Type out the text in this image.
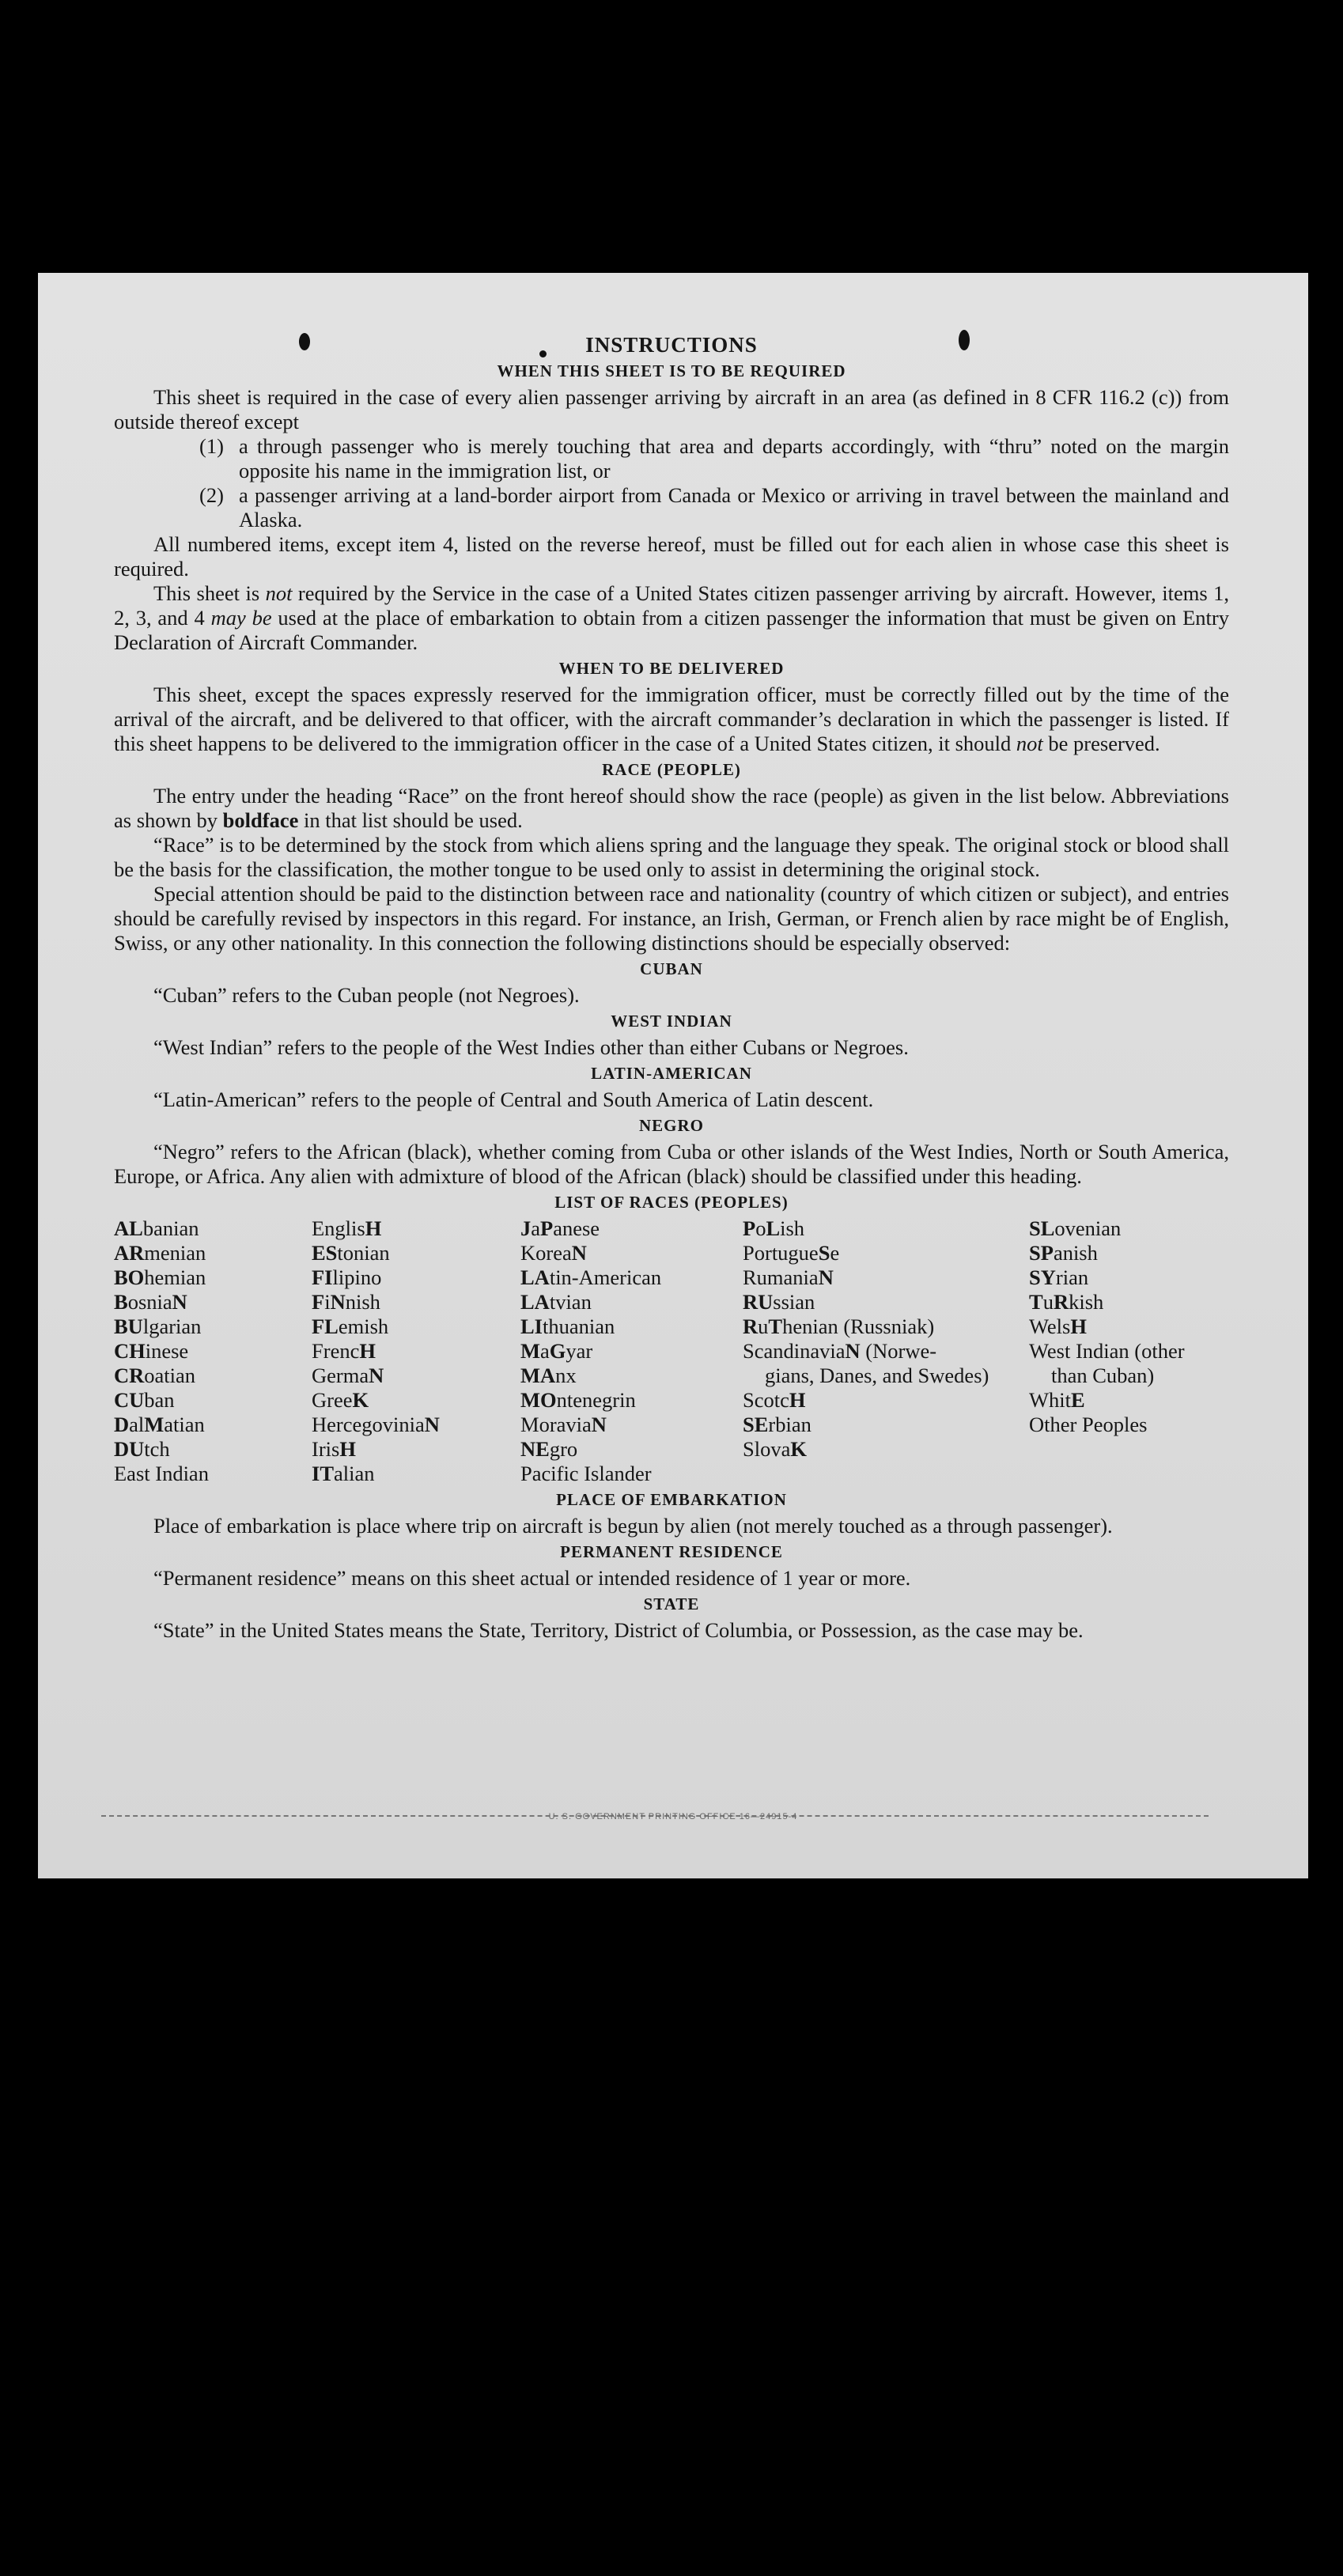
INSTRUCTIONS
WHEN THIS SHEET IS TO BE REQUIRED

This sheet is required in the case of every alien passenger arriving by aircraft in an area (as defined in 8 CFR 116.2 (c)) from outside thereof except

(1) a through passenger who is merely touching that area and departs accordingly, with “thru” noted on the margin opposite his name in the immigration list, or
(2) a passenger arriving at a land-border airport from Canada or Mexico or arriving in travel between the mainland and Alaska.

All numbered items, except item 4, listed on the reverse hereof, must be filled out for each alien in whose case this sheet is required.

This sheet is not required by the Service in the case of a United States citizen passenger arriving by aircraft. However, items 1, 2, 3, and 4 may be used at the place of embarkation to obtain from a citizen passenger the information that must be given on Entry Declaration of Aircraft Commander.

WHEN TO BE DELIVERED

This sheet, except the spaces expressly reserved for the immigration officer, must be correctly filled out by the time of the arrival of the aircraft, and be delivered to that officer, with the aircraft commander’s declaration in which the passenger is listed. If this sheet happens to be delivered to the immigration officer in the case of a United States citizen, it should not be preserved.

RACE (PEOPLE)

The entry under the heading “Race” on the front hereof should show the race (people) as given in the list below. Abbreviations as shown by boldface in that list should be used.

“Race” is to be determined by the stock from which aliens spring and the language they speak. The original stock or blood shall be the basis for the classification, the mother tongue to be used only to assist in determining the original stock.

Special attention should be paid to the distinction between race and nationality (country of which citizen or subject), and entries should be carefully revised by inspectors in this regard. For instance, an Irish, German, or French alien by race might be of English, Swiss, or any other nationality. In this connection the following distinctions should be especially observed:

CUBAN

“Cuban” refers to the Cuban people (not Negroes).

WEST INDIAN

“West Indian” refers to the people of the West Indies other than either Cubans or Negroes.

LATIN-AMERICAN

“Latin-American” refers to the people of Central and South America of Latin descent.

NEGRO

“Negro” refers to the African (black), whether coming from Cuba or other islands of the West Indies, North or South America, Europe, or Africa. Any alien with admixture of blood of the African (black) should be classified under this heading.

LIST OF RACES (PEOPLES)
ALbanian
ARmenian
BOhemian
BosniaN
BUlgarian
CHinese
CRoatian
CUban
DalMatian
DUtch
East Indian
EnglisH
EStonian
FIlipino
FiNnish
FLemish
FrencH
GermaN
GreeK
HercegoviniaN
IrisH
ITalian
JaPanese
KoreaN
LAtin-American
LAtvian
LIthuanian
MaGyar
MAnx
MOntenegrin
MoraviaN
NEgro
Pacific Islander
PoLish
PortugueSe
RumaniaN
RUssian
RuThenian (Russniak)
ScandinaviaN (Norwe-
gians, Danes, and Swedes)
ScotcH
SErbian
SlovaK
SLovenian
SPanish
SYrian
TuRkish
WelsH
West Indian (other
than Cuban)
WhitE
Other Peoples
PLACE OF EMBARKATION

Place of embarkation is place where trip on aircraft is begun by alien (not merely touched as a through passenger).

PERMANENT RESIDENCE

“Permanent residence” means on this sheet actual or intended residence of 1 year or more.

STATE

“State” in the United States means the State, Territory, District of Columbia, or Possession, as the case may be.

U. S. GOVERNMENT PRINTING OFFICE 16—24915-4
